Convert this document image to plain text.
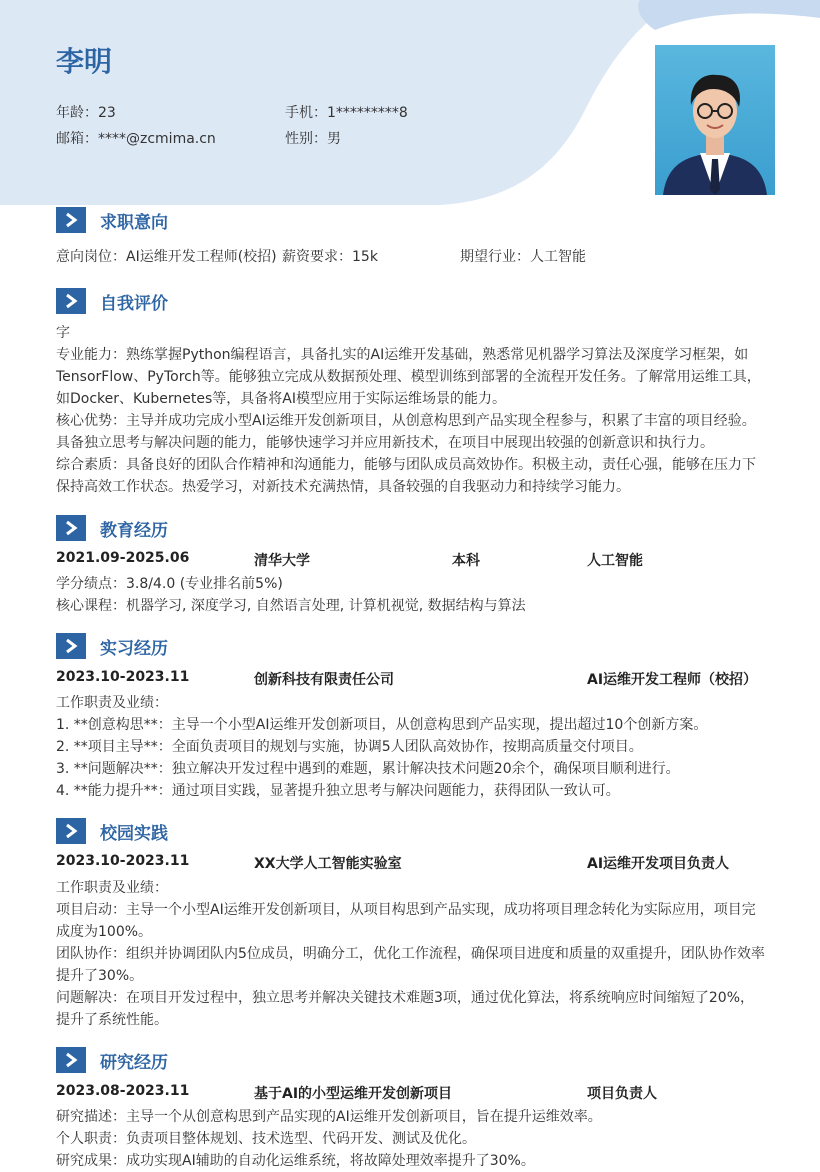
李明
年龄：23	手机：1*********8
邮箱：****@zcmima.cn	性别：男
求职意向
意向岗位：AI运维开发工程师(校招) 薪资要求：15k	期望行业：人工智能
自我评价
字
专业能力：熟练掌握Python编程语言，具备扎实的AI运维开发基础，熟悉常见机器学习算法及深度学习框架，如TensorFlow、PyTorch等。能够独立完成从数据预处理、模型训练到部署的全流程开发任务。了解常用运维工具，如Docker、Kubernetes等，具备将AI模型应用于实际运维场景的能力。
核心优势：主导并成功完成小型AI运维开发创新项目，从创意构思到产品实现全程参与，积累了丰富的项目经验。具备独立思考与解决问题的能力，能够快速学习并应用新技术，在项目中展现出较强的创新意识和执行力。
综合素质：具备良好的团队合作精神和沟通能力，能够与团队成员高效协作。积极主动，责任心强，能够在压力下保持高效工作状态。热爱学习，对新技术充满热情，具备较强的自我驱动力和持续学习能力。
教育经历
2021.09-2025.06	清华大学	本科	人工智能
学分绩点：3.8/4.0 (专业排名前5%)
核心课程：机器学习, 深度学习, 自然语言处理, 计算机视觉, 数据结构与算法
实习经历
2023.10-2023.11	创新科技有限责任公司	AI运维开发工程师（校招）
工作职责及业绩：
1. **创意构思**：主导一个小型AI运维开发创新项目，从创意构思到产品实现，提出超过10个创新方案。
2. **项目主导**：全面负责项目的规划与实施，协调5人团队高效协作，按期高质量交付项目。
3. **问题解决**：独立解决开发过程中遇到的难题，累计解决技术问题20余个，确保项目顺利进行。
4. **能力提升**：通过项目实践，显著提升独立思考与解决问题能力，获得团队一致认可。
校园实践
2023.10-2023.11	XX大学人工智能实验室	AI运维开发项目负责人
工作职责及业绩：
项目启动：主导一个小型AI运维开发创新项目，从项目构思到产品实现，成功将项目理念转化为实际应用，项目完成度为100%。
团队协作：组织并协调团队内5位成员，明确分工，优化工作流程，确保项目进度和质量的双重提升，团队协作效率提升了30%。
问题解决：在项目开发过程中，独立思考并解决关键技术难题3项，通过优化算法，将系统响应时间缩短了20%，提升了系统性能。
研究经历
2023.08-2023.11	基于AI的小型运维开发创新项目	项目负责人
研究描述：主导一个从创意构思到产品实现的AI运维开发创新项目，旨在提升运维效率。
个人职责：负责项目整体规划、技术选型、代码开发、测试及优化。
研究成果：成功实现AI辅助的自动化运维系统，将故障处理效率提升了30%。
